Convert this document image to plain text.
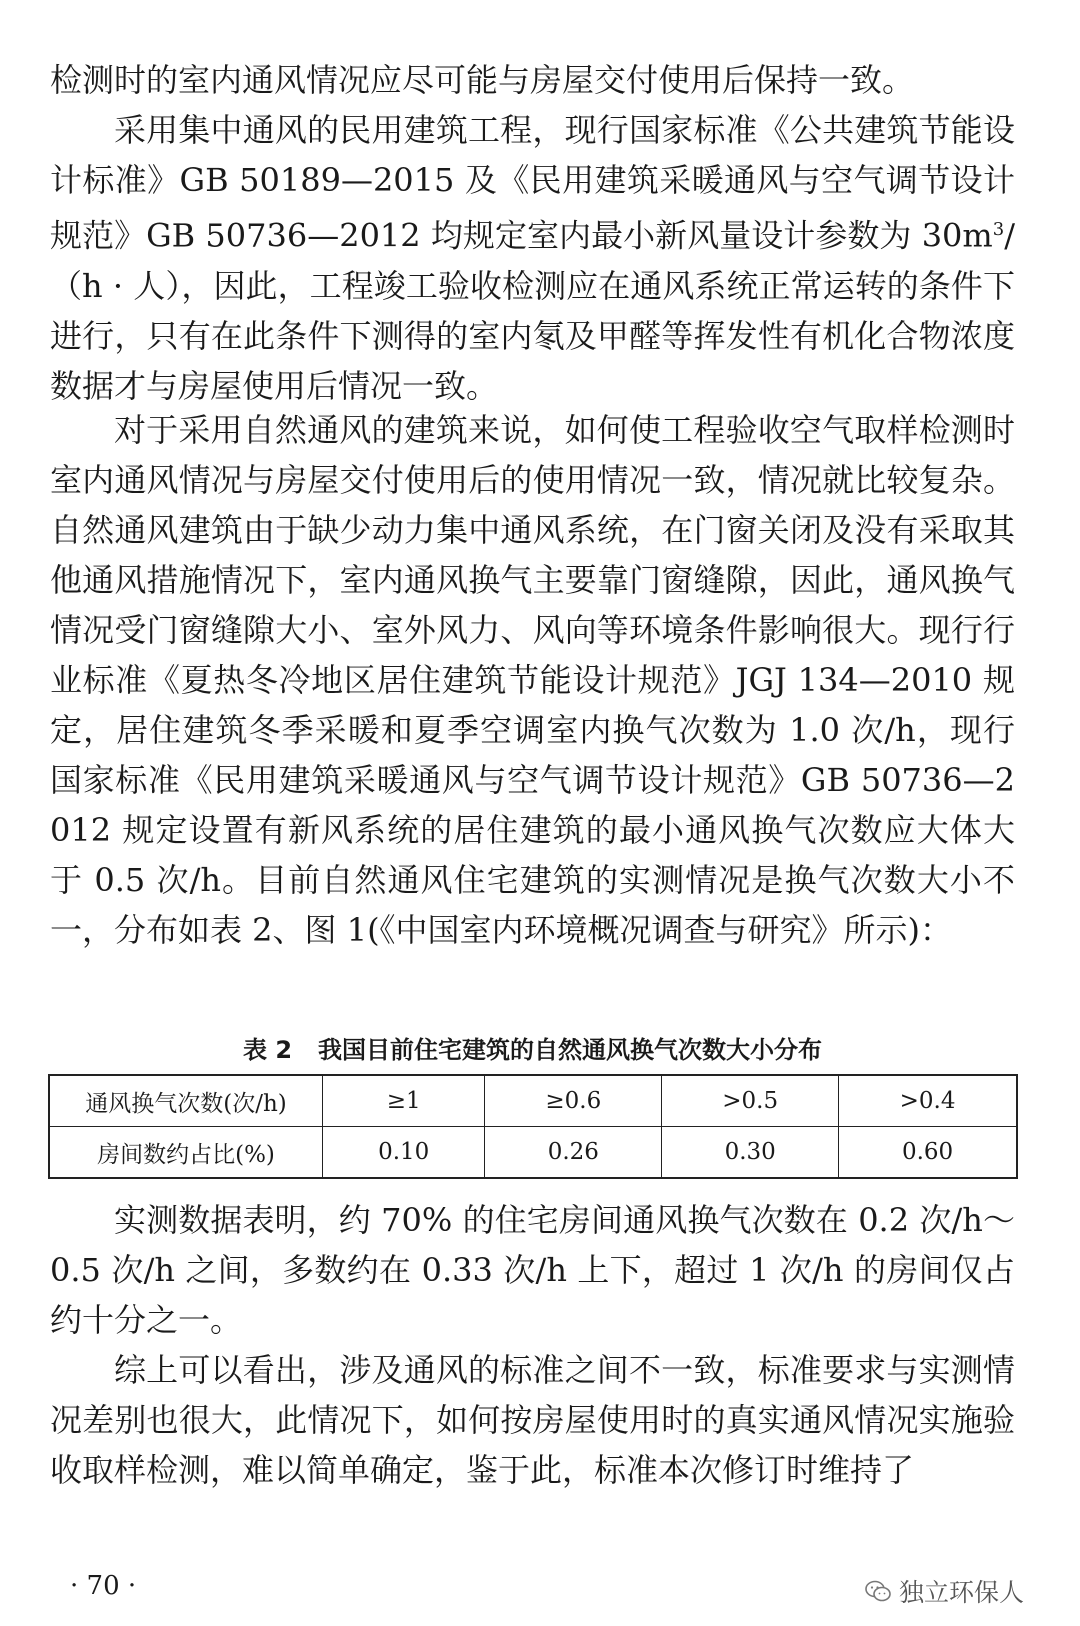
检测时的室内通风情况应尽可能与房屋交付使用后保持一致。

采用集中通风的民用建筑工程，现行国家标准《公共建筑节能设计标准》GB 50189—2015 及《民用建筑采暖通风与空气调节设计规范》GB 50736—2012 均规定室内最小新风量设计参数为 $30m^3/(h$ · 人），因此，工程竣工验收检测应在通风系统正常运转的条件下进行，只有在此条件下测得的室内氡及甲醛等挥发性有机化合物浓度数据才与房屋使用后情况一致。

对于采用自然通风的建筑来说，如何使工程验收空气取样检测时室内通风情况与房屋交付使用后的使用情况一致，情况就比较复杂。自然通风建筑由于缺少动力集中通风系统，在门窗关闭及没有采取其他通风措施情况下，室内通风换气主要靠门窗缝隙，因此，通风换气情况受门窗缝隙大小、室外风力、风向等环境条件影响很大。现行行业标准《夏热冬冷地区居住建筑节能设计规范》JGJ 134—2010 规定，居住建筑冬季采暖和夏季空调室内换气次数为 1.0 次/h，现行国家标准《民用建筑采暖通风与空气调节设计规范》GB 50736—2012 规定设置有新风系统的居住建筑的最小通风换气次数应大体大于 0.5 次/h。目前自然通风住宅建筑的实测情况是换气次数大小不一，分布如表 2、图 1(《中国室内环境概况调查与研究》所示)：

表 2 我国目前住宅建筑的自然通风换气次数大小分布

通风换气次数(次/h)	≥1	≥0.6	>0.5	>0.4
房间数约占比(%)	0.10	0.26	0.30	0.60

实测数据表明，约 70% 的住宅房间通风换气次数在 0.2 次/h～0.5 次/h 之间，多数约在 0.33 次/h 上下，超过 1 次/h 的房间仅占约十分之一。

综上可以看出，涉及通风的标准之间不一致，标准要求与实测情况差别也很大，此情况下，如何按房屋使用时的真实通风情况实施验收取样检测，难以简单确定，鉴于此，标准本次修订时维持了

· 70 ·	独立环保人
